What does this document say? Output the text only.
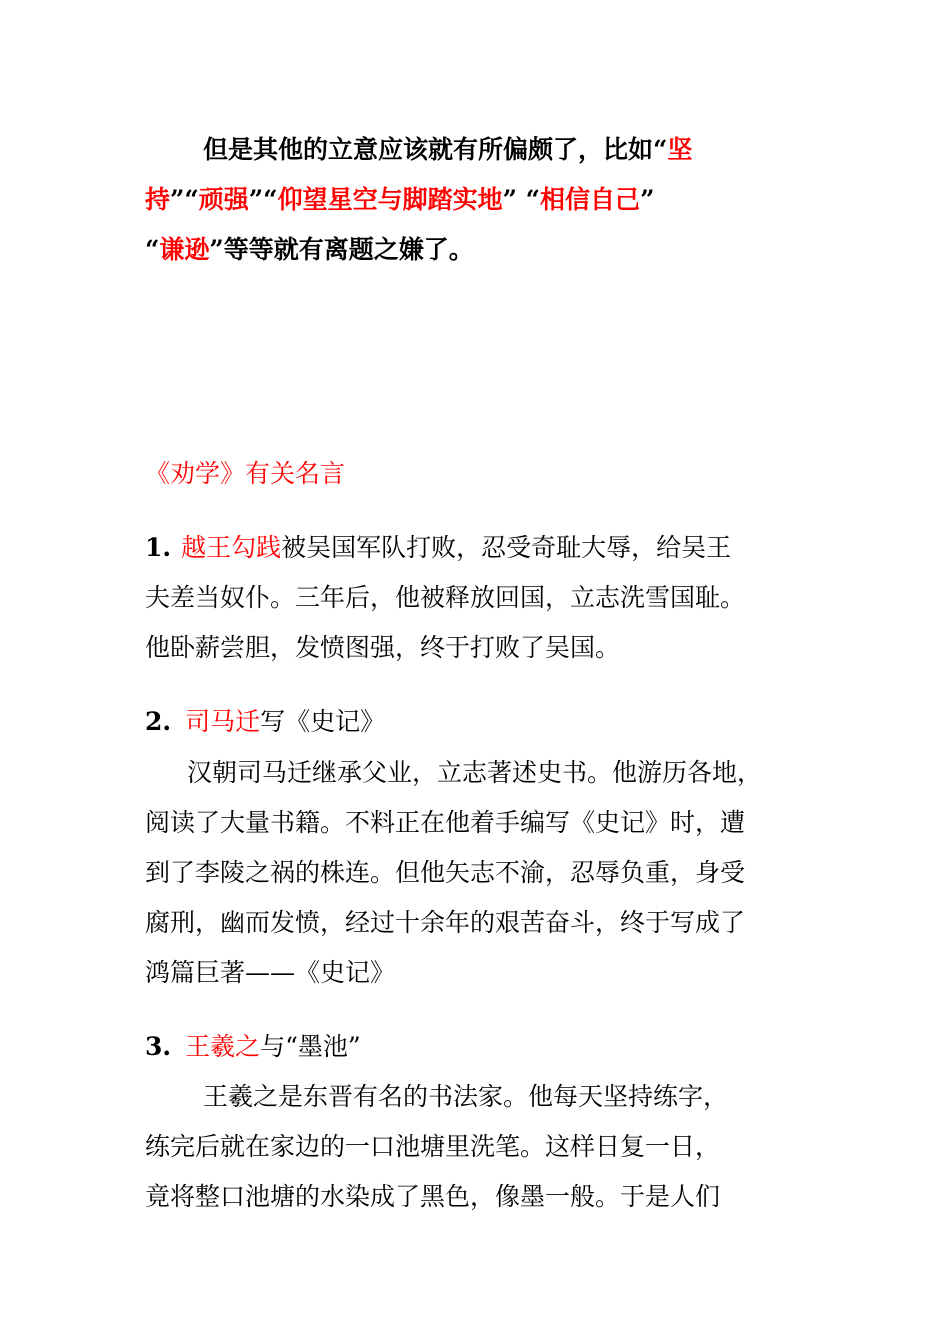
但是其他的立意应该就有所偏颇了，比如“坚
持”“顽强”“仰望星空与脚踏实地” “相信自己”
“谦逊”等等就有离题之嫌了。
《劝学》有关名言
1. 越王勾践被吴国军队打败，忍受奇耻大辱，给吴王
夫差当奴仆。三年后，他被释放回国，立志洗雪国耻。
他卧薪尝胆，发愤图强，终于打败了吴国。
2. 司马迁写《史记》
汉朝司马迁继承父业，立志著述史书。他游历各地，
阅读了大量书籍。不料正在他着手编写《史记》时，遭
到了李陵之祸的株连。但他矢志不渝，忍辱负重，身受
腐刑，幽而发愤，经过十余年的艰苦奋斗，终于写成了
鸿篇巨著——《史记》
3. 王羲之与“墨池”
王羲之是东晋有名的书法家。他每天坚持练字，
练完后就在家边的一口池塘里洗笔。这样日复一日，
竟将整口池塘的水染成了黑色，像墨一般。于是人们
